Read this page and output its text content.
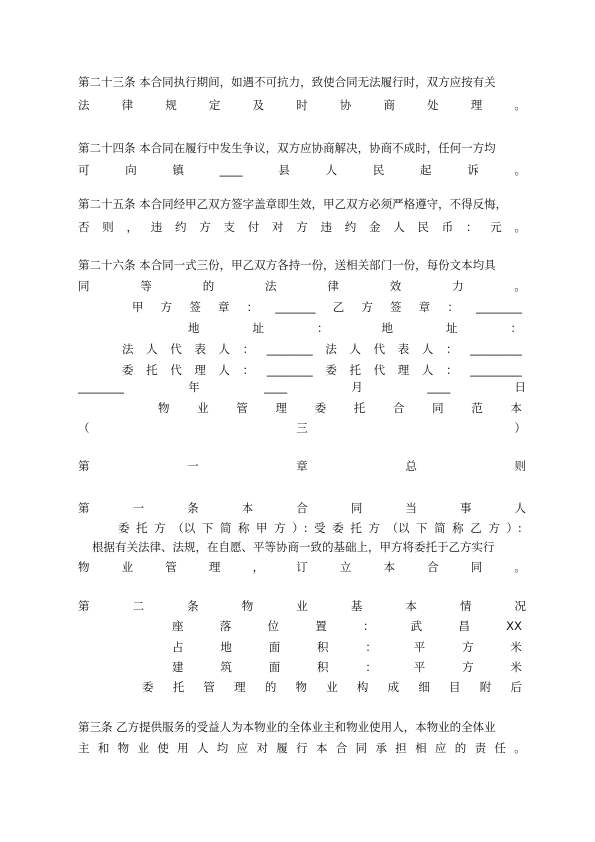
第二十三条 本合同执行期间，如遇不可抗力，致使合同无法履行时，双方应按有关
法	律	规	定	及	时	协	商	处	理	。
第二十四条 本合同在履行中发生争议，双方应协商解决，协商不成时，任何一方均
可	向	镇	____	县	人	民	起	诉	。
第二十五条 本合同经甲乙双方签字盖章即生效，甲乙双方必须严格遵守，不得反悔，
否 则 ， 违 约 方 支 付 对 方 违 约 金 人 民 币 ： 元 。
第二十六条 本合同一式三份，甲乙双方各持一份，送相关部门一份，每份文本均具
同	等	的	法	律	效	力	。
甲 方 签 章 ： _______ 乙 方 签 章 ： ________
地	址	：	地	址	：
法 人 代 表 人 ： ________ 法 人 代 表 人 ： _________
委 托 代 理 人 ： ________ 委 托 代 理 人 ： _________
________	年	____	月	____	日
物 业 管 理 委 托 合 同 范 本
（	三	）
第	一	章	总	则
第	一	条	本	合	同	当	事	人
委 托 方 （以 下 简 称 甲 方 ）: 受 委 托 方 （以 下 简 称 乙 方 ）:
根据有关法律、法规，在自愿、平等协商一致的基础上，甲方将委托于乙方实行
物	业	管	理	，	订	立	本	合	同	。
第	二	条	物	业	基	本	情	况
座	落	位	置	：	武	昌	XX
占	地	面	积	：	平	方	米
建	筑	面	积	：	平	方	米
委 托 管 理 的 物 业 构 成 细 目 附 后
第三条 乙方提供服务的受益人为本物业的全体业主和物业使用人，本物业的全体业
主 和 物 业 使 用 人 均 应 对 履 行 本 合 同 承 担 相 应 的 责 任 。
